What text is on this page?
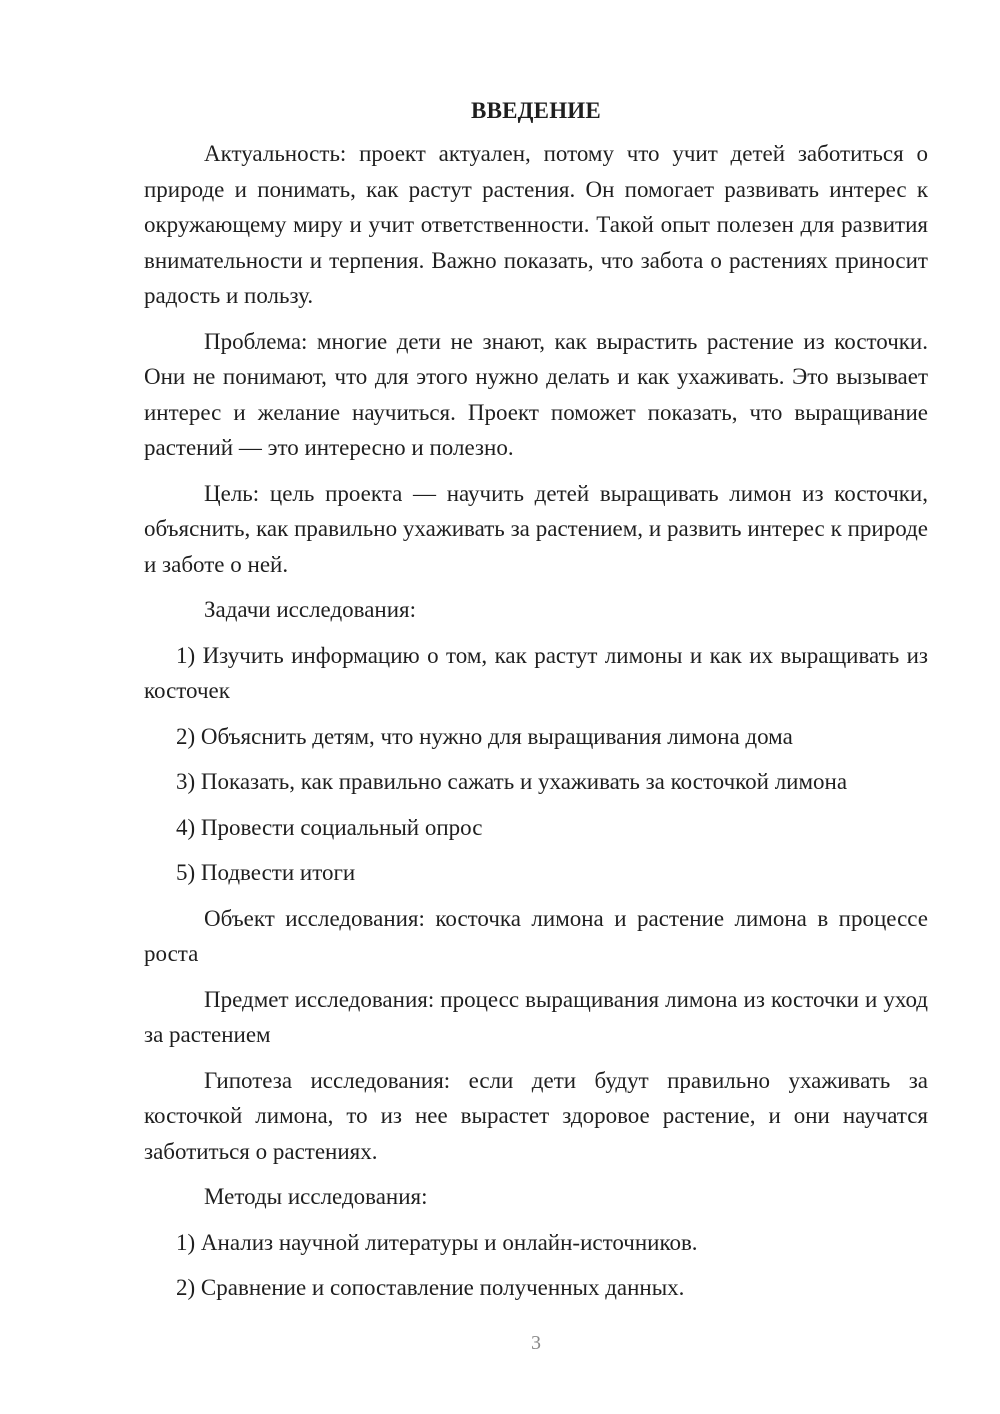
ВВЕДЕНИЕ

Актуальность: проект актуален, потому что учит детей заботиться о природе и понимать, как растут растения. Он помогает развивать интерес к окружающему миру и учит ответственности. Такой опыт полезен для развития внимательности и терпения. Важно показать, что забота о растениях приносит радость и пользу.

Проблема: многие дети не знают, как вырастить растение из косточки. Они не понимают, что для этого нужно делать и как ухаживать. Это вызывает интерес и желание научиться. Проект поможет показать, что выращивание растений — это интересно и полезно.

Цель: цель проекта — научить детей выращивать лимон из косточки, объяснить, как правильно ухаживать за растением, и развить интерес к природе и заботе о ней.

Задачи исследования:

1) Изучить информацию о том, как растут лимоны и как их выращивать из косточек

2) Объяснить детям, что нужно для выращивания лимона дома

3) Показать, как правильно сажать и ухаживать за косточкой лимона

4) Провести социальный опрос

5) Подвести итоги

Объект исследования: косточка лимона и растение лимона в процессе роста

Предмет исследования: процесс выращивания лимона из косточки и уход за растением

Гипотеза исследования: если дети будут правильно ухаживать за косточкой лимона, то из нее вырастет здоровое растение, и они научатся заботиться о растениях.

Методы исследования:

1) Анализ научной литературы и онлайн-источников.

2) Сравнение и сопоставление полученных данных.

3
